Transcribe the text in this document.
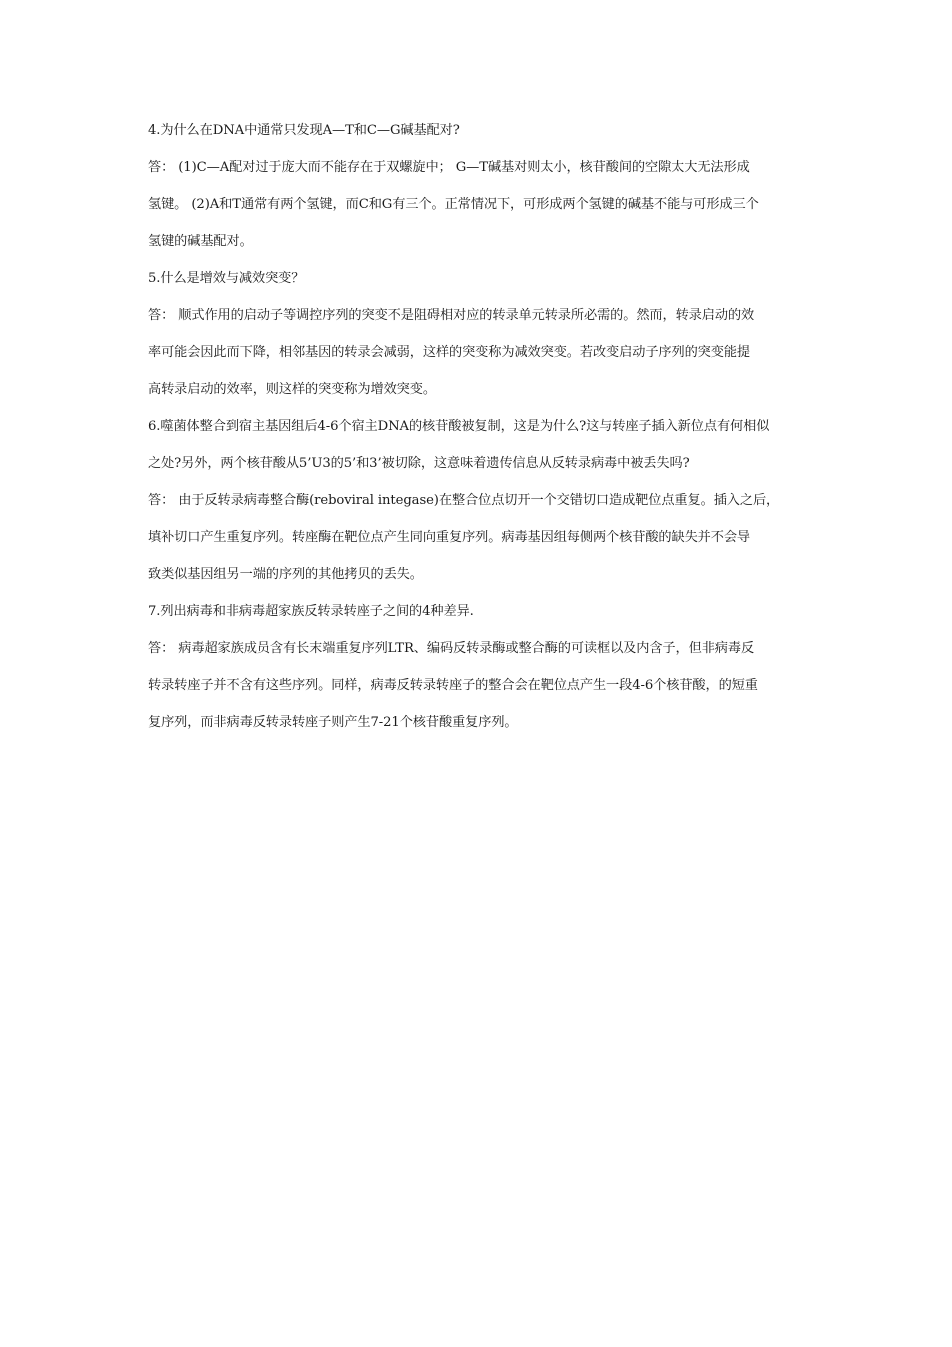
4.为什么在DNA中通常只发现A—T和C—G碱基配对?
答： (1)C—A配对过于庞大而不能存在于双螺旋中； G—T碱基对则太小，核苷酸间的空隙太大无法形成
氢键。 (2)A和T通常有两个氢键，而C和G有三个。正常情况下，可形成两个氢键的碱基不能与可形成三个
氢键的碱基配对。
5.什么是增效与减效突变？
答： 顺式作用的启动子等调控序列的突变不是阻碍相对应的转录单元转录所必需的。然而，转录启动的效
率可能会因此而下降，相邻基因的转录会减弱，这样的突变称为减效突变。若改变启动子序列的突变能提
高转录启动的效率，则这样的突变称为增效突变。
6.噬菌体整合到宿主基因组后4-6个宿主DNA的核苷酸被复制，这是为什么?这与转座子插入新位点有何相似
之处?另外，两个核苷酸从5’U3的5’和3’被切除，这意味着遗传信息从反转录病毒中被丢失吗?
答： 由于反转录病毒整合酶(reboviral integase)在整合位点切开一个交错切口造成靶位点重复。插入之后，
填补切口产生重复序列。转座酶在靶位点产生同向重复序列。病毒基因组每侧两个核苷酸的缺失并不会导
致类似基因组另一端的序列的其他拷贝的丢失。
7.列出病毒和非病毒超家族反转录转座子之间的4种差异.
答： 病毒超家族成员含有长末端重复序列LTR、编码反转录酶或整合酶的可读框以及内含子，但非病毒反
转录转座子并不含有这些序列。同样，病毒反转录转座子的整合会在靶位点产生一段4-6个核苷酸，的短重
复序列，而非病毒反转录转座子则产生7-21个核苷酸重复序列。
